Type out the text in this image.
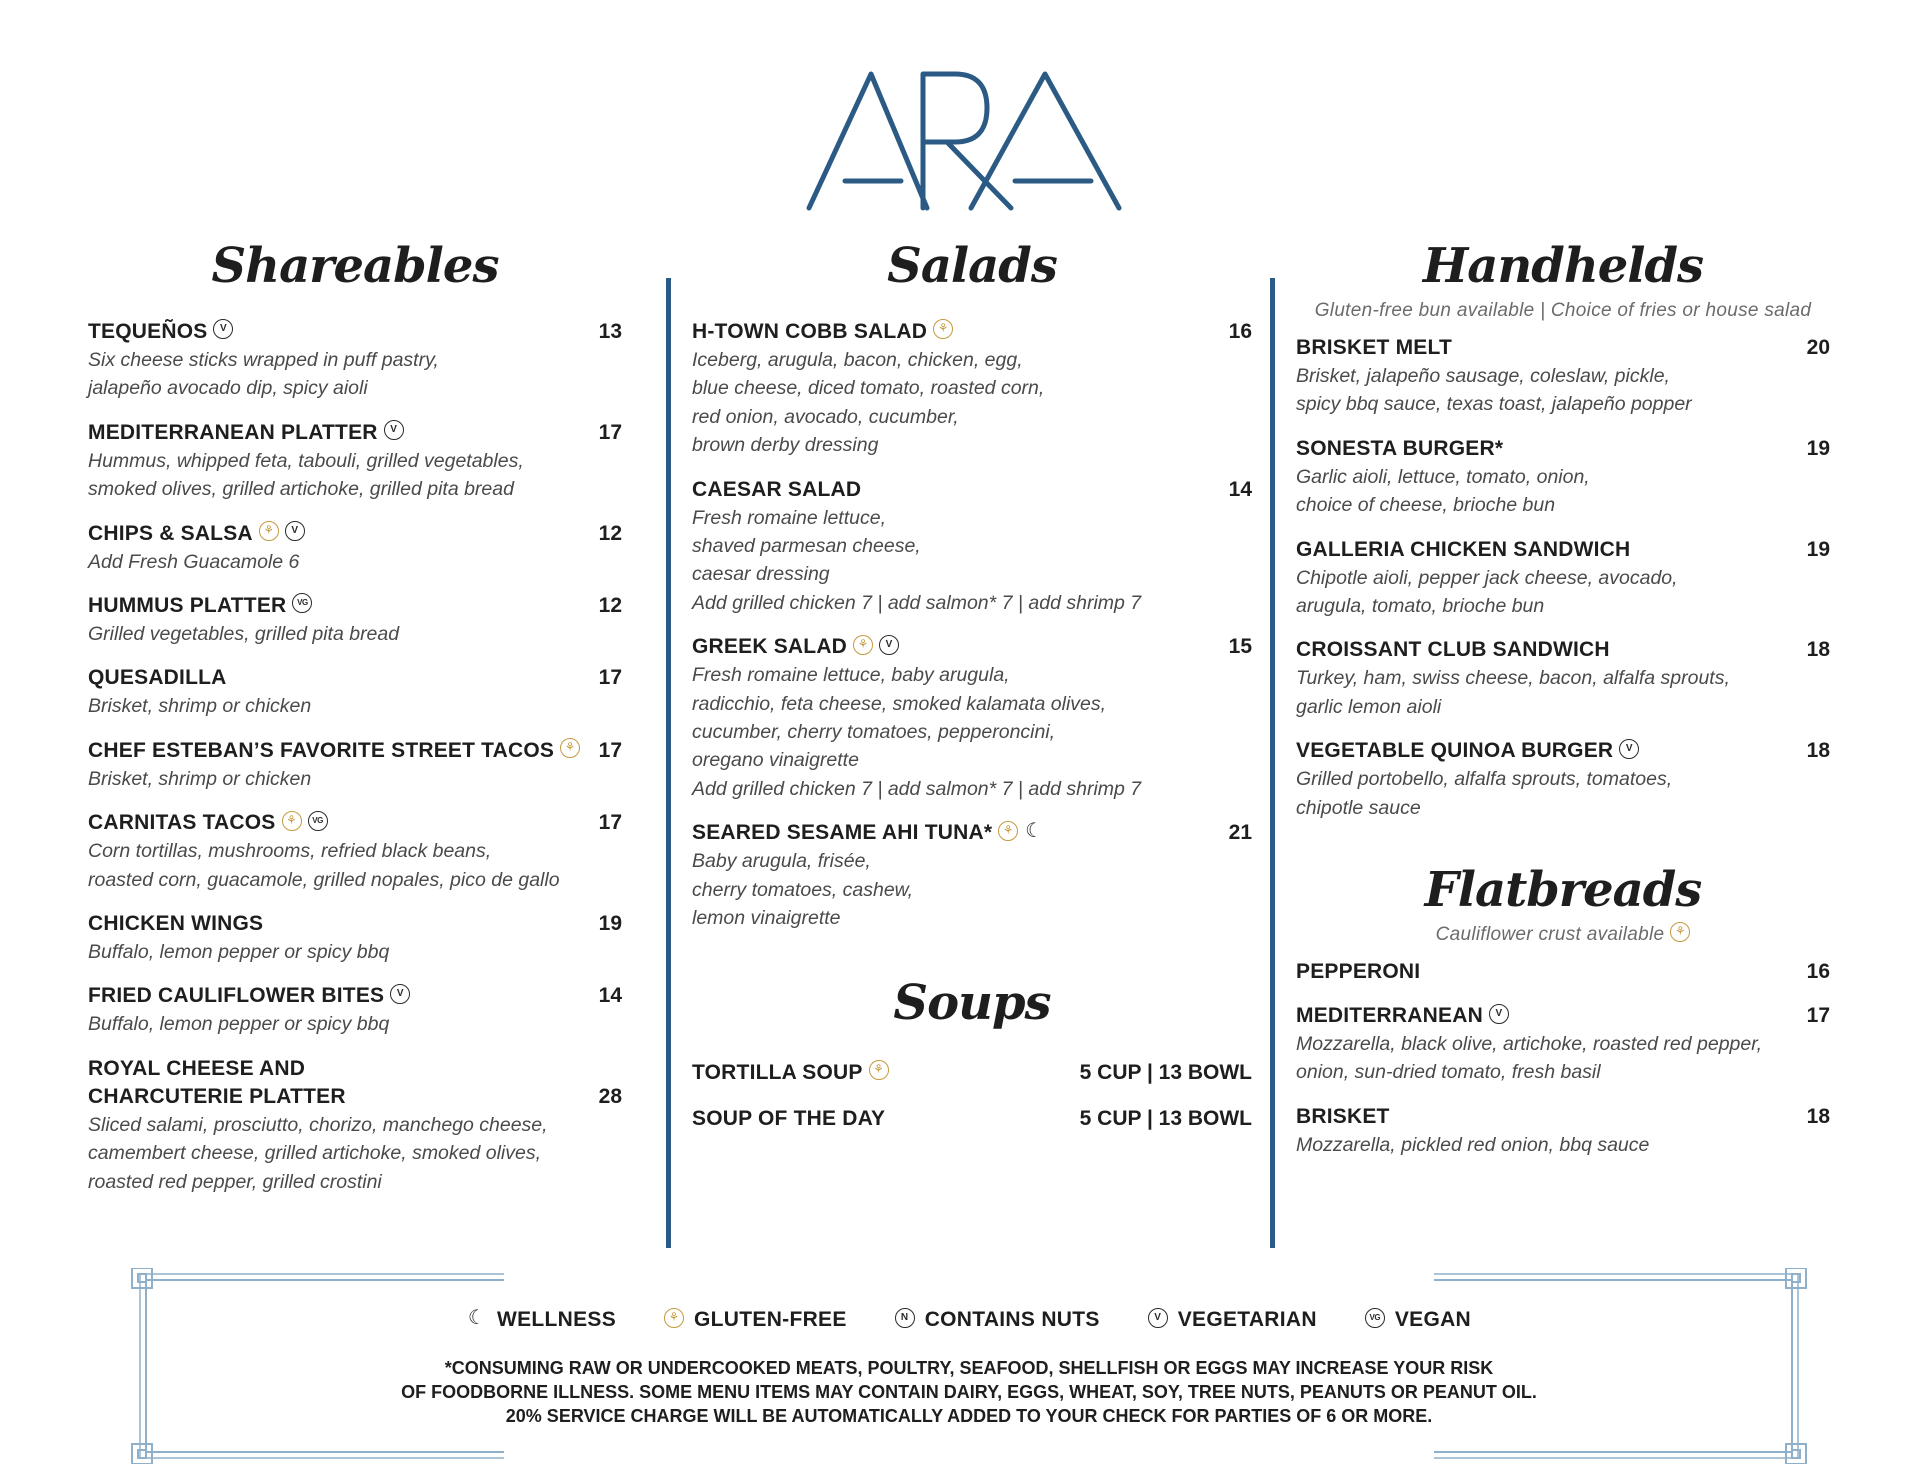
Shareables
TEQUEÑOS V	13
Six cheese sticks wrapped in puff pastry,
jalapeño avocado dip, spicy aioli
MEDITERRANEAN PLATTER V	17
Hummus, whipped feta, tabouli, grilled vegetables,
smoked olives, grilled artichoke, grilled pita bread
CHIPS & SALSA ⚘ V	12
Add Fresh Guacamole 6
HUMMUS PLATTER VG	12
Grilled vegetables, grilled pita bread
QUESADILLA	17
Brisket, shrimp or chicken
CHEF ESTEBAN’S FAVORITE STREET TACOS ⚘ 17
Brisket, shrimp or chicken
CARNITAS TACOS ⚘ VG	17
Corn tortillas, mushrooms, refried black beans,
roasted corn, guacamole, grilled nopales, pico de gallo
CHICKEN WINGS	19
Buffalo, lemon pepper or spicy bbq
FRIED CAULIFLOWER BITES V	14
Buffalo, lemon pepper or spicy bbq
ROYAL CHEESE AND
CHARCUTERIE PLATTER	28
Sliced salami, prosciutto, chorizo, manchego cheese,
camembert cheese, grilled artichoke, smoked olives,
roasted red pepper, grilled crostini
Salads
H-TOWN COBB SALAD ⚘	16
Iceberg, arugula, bacon, chicken, egg,
blue cheese, diced tomato, roasted corn,
red onion, avocado, cucumber,
brown derby dressing
CAESAR SALAD	14
Fresh romaine lettuce,
shaved parmesan cheese,
caesar dressing
Add grilled chicken 7 | add salmon* 7 | add shrimp 7
GREEK SALAD ⚘ V	15
Fresh romaine lettuce, baby arugula,
radicchio, feta cheese, smoked kalamata olives,
cucumber, cherry tomatoes, pepperoncini,
oregano vinaigrette
Add grilled chicken 7 | add salmon* 7 | add shrimp 7
SEARED SESAME AHI TUNA* ⚘ ☾	21
Baby arugula, frisée,
cherry tomatoes, cashew,
lemon vinaigrette
Soups
TORTILLA SOUP ⚘	5 CUP | 13 BOWL
SOUP OF THE DAY	5 CUP | 13 BOWL
Handhelds
Gluten-free bun available | Choice of fries or house salad
BRISKET MELT	20
Brisket, jalapeño sausage, coleslaw, pickle,
spicy bbq sauce, texas toast, jalapeño popper
SONESTA BURGER*	19
Garlic aioli, lettuce, tomato, onion,
choice of cheese, brioche bun
GALLERIA CHICKEN SANDWICH	19
Chipotle aioli, pepper jack cheese, avocado,
arugula, tomato, brioche bun
CROISSANT CLUB SANDWICH	18
Turkey, ham, swiss cheese, bacon, alfalfa sprouts,
garlic lemon aioli
VEGETABLE QUINOA BURGER V	18
Grilled portobello, alfalfa sprouts, tomatoes,
chipotle sauce
Flatbreads
Cauliflower crust available ⚘
PEPPERONI	16
MEDITERRANEAN V	17
Mozzarella, black olive, artichoke, roasted red pepper,
onion, sun-dried tomato, fresh basil
BRISKET	18
Mozzarella, pickled red onion, bbq sauce
☾ WELLNESS	⚘ GLUTEN-FREE	N CONTAINS NUTS	V VEGETARIAN	VG VEGAN
*CONSUMING RAW OR UNDERCOOKED MEATS, POULTRY, SEAFOOD, SHELLFISH OR EGGS MAY INCREASE YOUR RISK
OF FOODBORNE ILLNESS. SOME MENU ITEMS MAY CONTAIN DAIRY, EGGS, WHEAT, SOY, TREE NUTS, PEANUTS OR PEANUT OIL.
20% SERVICE CHARGE WILL BE AUTOMATICALLY ADDED TO YOUR CHECK FOR PARTIES OF 6 OR MORE.
